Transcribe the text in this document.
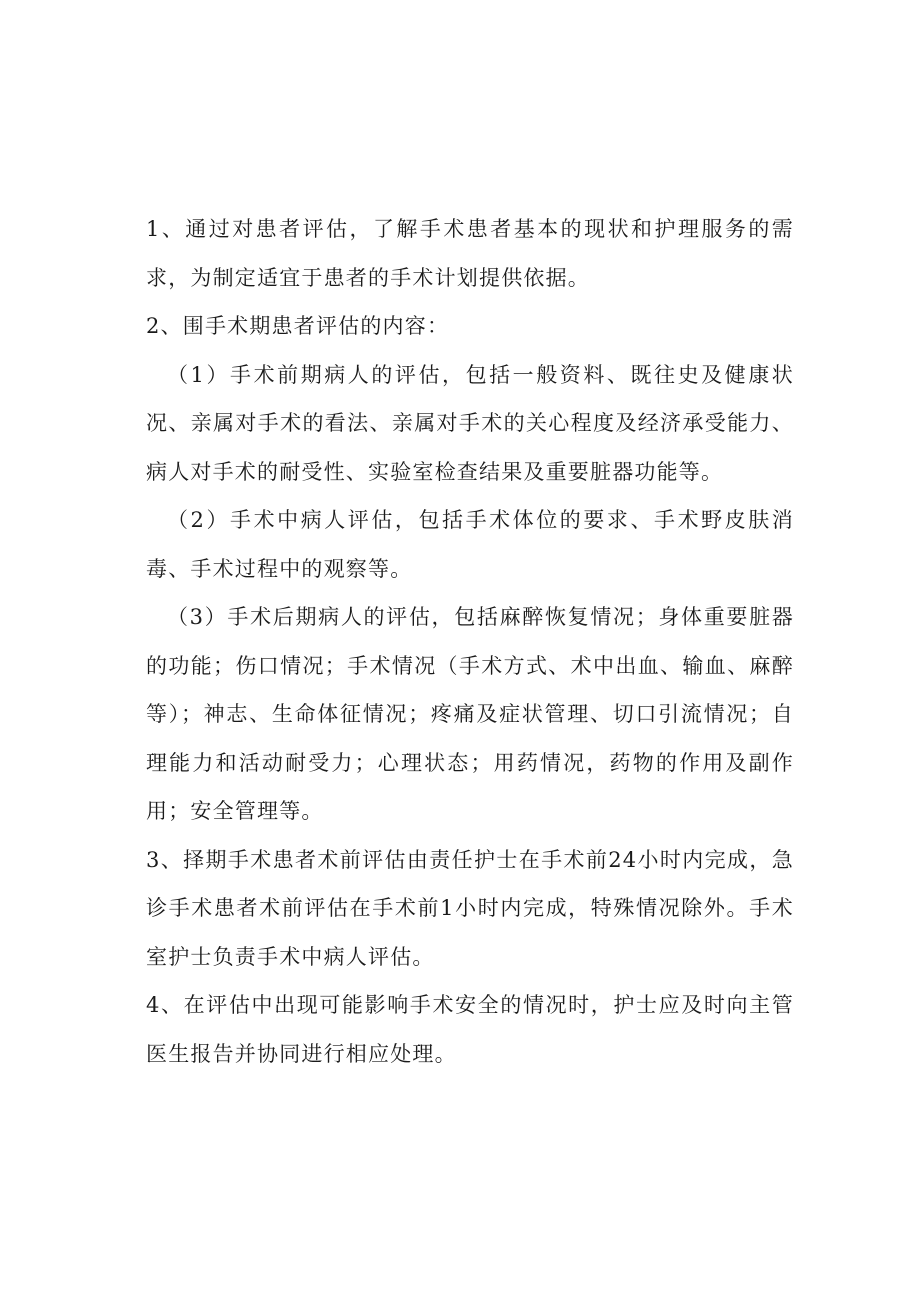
1、通过对患者评估，了解手术患者基本的现状和护理服务的需求，为制定适宜于患者的手术计划提供依据。

2、围手术期患者评估的内容：

（1）手术前期病人的评估，包括一般资料、既往史及健康状况、亲属对手术的看法、亲属对手术的关心程度及经济承受能力、病人对手术的耐受性、实验室检查结果及重要脏器功能等。

（2）手术中病人评估，包括手术体位的要求、手术野皮肤消毒、手术过程中的观察等。

（3）手术后期病人的评估，包括麻醉恢复情况；身体重要脏器的功能；伤口情况；手术情况（手术方式、术中出血、输血、麻醉等）；神志、生命体征情况；疼痛及症状管理、切口引流情况；自理能力和活动耐受力；心理状态；用药情况，药物的作用及副作用；安全管理等。

3、择期手术患者术前评估由责任护士在手术前24小时内完成，急诊手术患者术前评估在手术前1小时内完成，特殊情况除外。手术室护士负责手术中病人评估。

4、在评估中出现可能影响手术安全的情况时，护士应及时向主管医生报告并协同进行相应处理。
